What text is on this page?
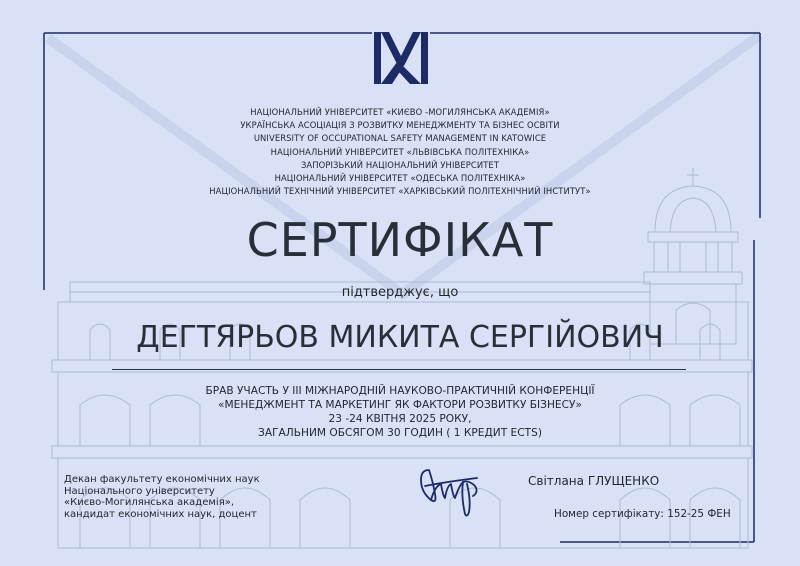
НАЦІОНАЛЬНИЙ УНІВЕРСИТЕТ «КИЄВО -МОГИЛЯНСЬКА АКАДЕМІЯ»
УКРАЇНСЬКА АСОЦІАЦІЯ З РОЗВИТКУ МЕНЕДЖМЕНТУ ТА БІЗНЕС ОСВІТИ
UNIVERSITY OF OCCUPATIONAL SAFETY MANAGEMENT IN KATOWICE
НАЦІОНАЛЬНИЙ УНІВЕРСИТЕТ «ЛЬВІВСЬКА ПОЛІТЕХНІКА»
ЗАПОРІЗЬКИЙ НАЦІОНАЛЬНИЙ УНІВЕРСИТЕТ
НАЦІОНАЛЬНИЙ УНІВЕРСИТЕТ «ОДЕСЬКА ПОЛІТЕХНІКА»
НАЦІОНАЛЬНИЙ ТЕХНІЧНИЙ УНІВЕРСИТЕТ «ХАРКІВСЬКИЙ ПОЛІТЕХНІЧНИЙ ІНСТИТУТ»
СЕРТИФІКАТ
підтверджує, що
ДЕГТЯРЬОВ МИКИТА СЕРГІЙОВИЧ
БРАВ УЧАСТЬ У ІІІ МІЖНАРОДНІЙ НАУКОВО-ПРАКТИЧНІЙ КОНФЕРЕНЦІЇ
«МЕНЕДЖМЕНТ ТА МАРКЕТИНГ ЯК ФАКТОРИ РОЗВИТКУ БІЗНЕСУ»
23 -24 КВІТНЯ 2025 РОКУ,
ЗАГАЛЬНИМ ОБСЯГОМ 30 ГОДИН ( 1 КРЕДИТ ECTS)
Декан факультету економічних наук
Національного університету
«Києво-Могилянська академія»,
кандидат економічних наук, доцент
Світлана ГЛУЩЕНКО
Номер сертифікату: 152-25 ФЕН
